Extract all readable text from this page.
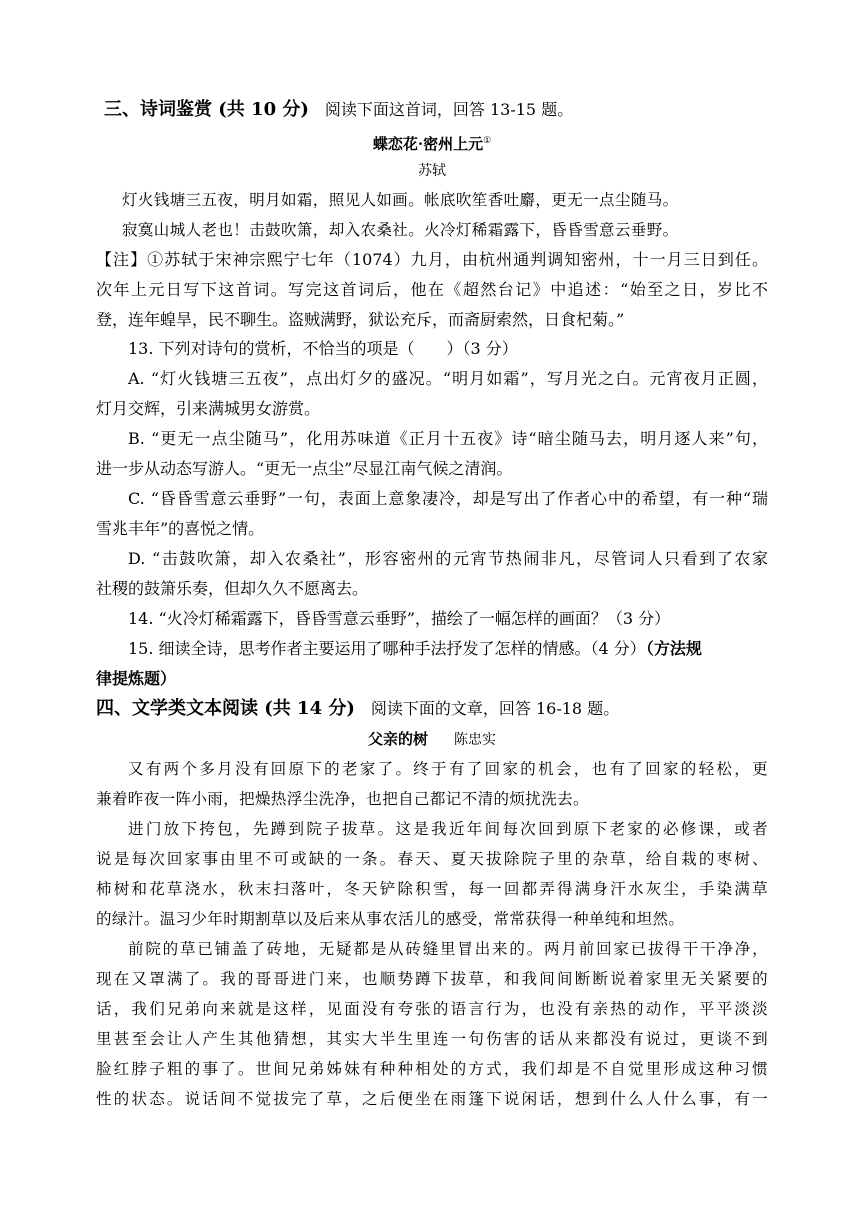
三、诗词鉴赏 (共 10 分) 阅读下面这首词，回答 13-15 题。
蝶恋花·密州上元①
苏轼
灯火钱塘三五夜，明月如霜，照见人如画。帐底吹笙香吐麝，更无一点尘随马。
寂寞山城人老也！击鼓吹箫，却入农桑社。火冷灯稀霜露下，昏昏雪意云垂野。
【注】①苏轼于宋神宗熙宁七年（1074）九月，由杭州通判调知密州，十一月三日到任。
次年上元日写下这首词。写完这首词后，他在《超然台记》中追述：“始至之日，岁比不
登，连年蝗旱，民不聊生。盗贼满野，狱讼充斥，而斋厨索然，日食杞菊。”
13. 下列对诗句的赏析，不恰当的项是（　　）（3 分）
A. “灯火钱塘三五夜”，点出灯夕的盛况。“明月如霜”，写月光之白。元宵夜月正圆，
灯月交辉，引来满城男女游赏。
B. “更无一点尘随马”，化用苏味道《正月十五夜》诗“暗尘随马去，明月逐人来”句，
进一步从动态写游人。“更无一点尘”尽显江南气候之清润。
C. “昏昏雪意云垂野”一句，表面上意象凄冷，却是写出了作者心中的希望，有一种“瑞
雪兆丰年”的喜悦之情。
D. “击鼓吹箫，却入农桑社”，形容密州的元宵节热闹非凡，尽管词人只看到了农家
社稷的鼓箫乐奏，但却久久不愿离去。
14. “火冷灯稀霜露下，昏昏雪意云垂野”，描绘了一幅怎样的画面？（3 分）
15. 细读全诗，思考作者主要运用了哪种手法抒发了怎样的情感。（4 分）（方法规
律提炼题）
四、文学类文本阅读 (共 14 分) 阅读下面的文章，回答 16-18 题。
父亲的树 陈忠实
又有两个多月没有回原下的老家了。终于有了回家的机会，也有了回家的轻松，更
兼着昨夜一阵小雨，把燥热浮尘洗净，也把自己都记不清的烦扰洗去。
进门放下挎包，先蹲到院子拔草。这是我近年间每次回到原下老家的必修课，或者
说是每次回家事由里不可或缺的一条。春天、夏天拔除院子里的杂草，给自栽的枣树、
柿树和花草浇水，秋末扫落叶，冬天铲除积雪，每一回都弄得满身汗水灰尘，手染满草
的绿汁。温习少年时期割草以及后来从事农活儿的感受，常常获得一种单纯和坦然。
前院的草已铺盖了砖地，无疑都是从砖缝里冒出来的。两月前回家已拔得干干净净，
现在又罩满了。我的哥哥进门来，也顺势蹲下拔草，和我间间断断说着家里无关紧要的
话，我们兄弟向来就是这样，见面没有夸张的语言行为，也没有亲热的动作，平平淡淡
里甚至会让人产生其他猜想，其实大半生里连一句伤害的话从来都没有说过，更谈不到
脸红脖子粗的事了。世间兄弟姊妹有种种相处的方式，我们却是不自觉里形成这种习惯
性的状态。说话间不觉拔完了草，之后便坐在雨篷下说闲话，想到什么人什么事，有一
